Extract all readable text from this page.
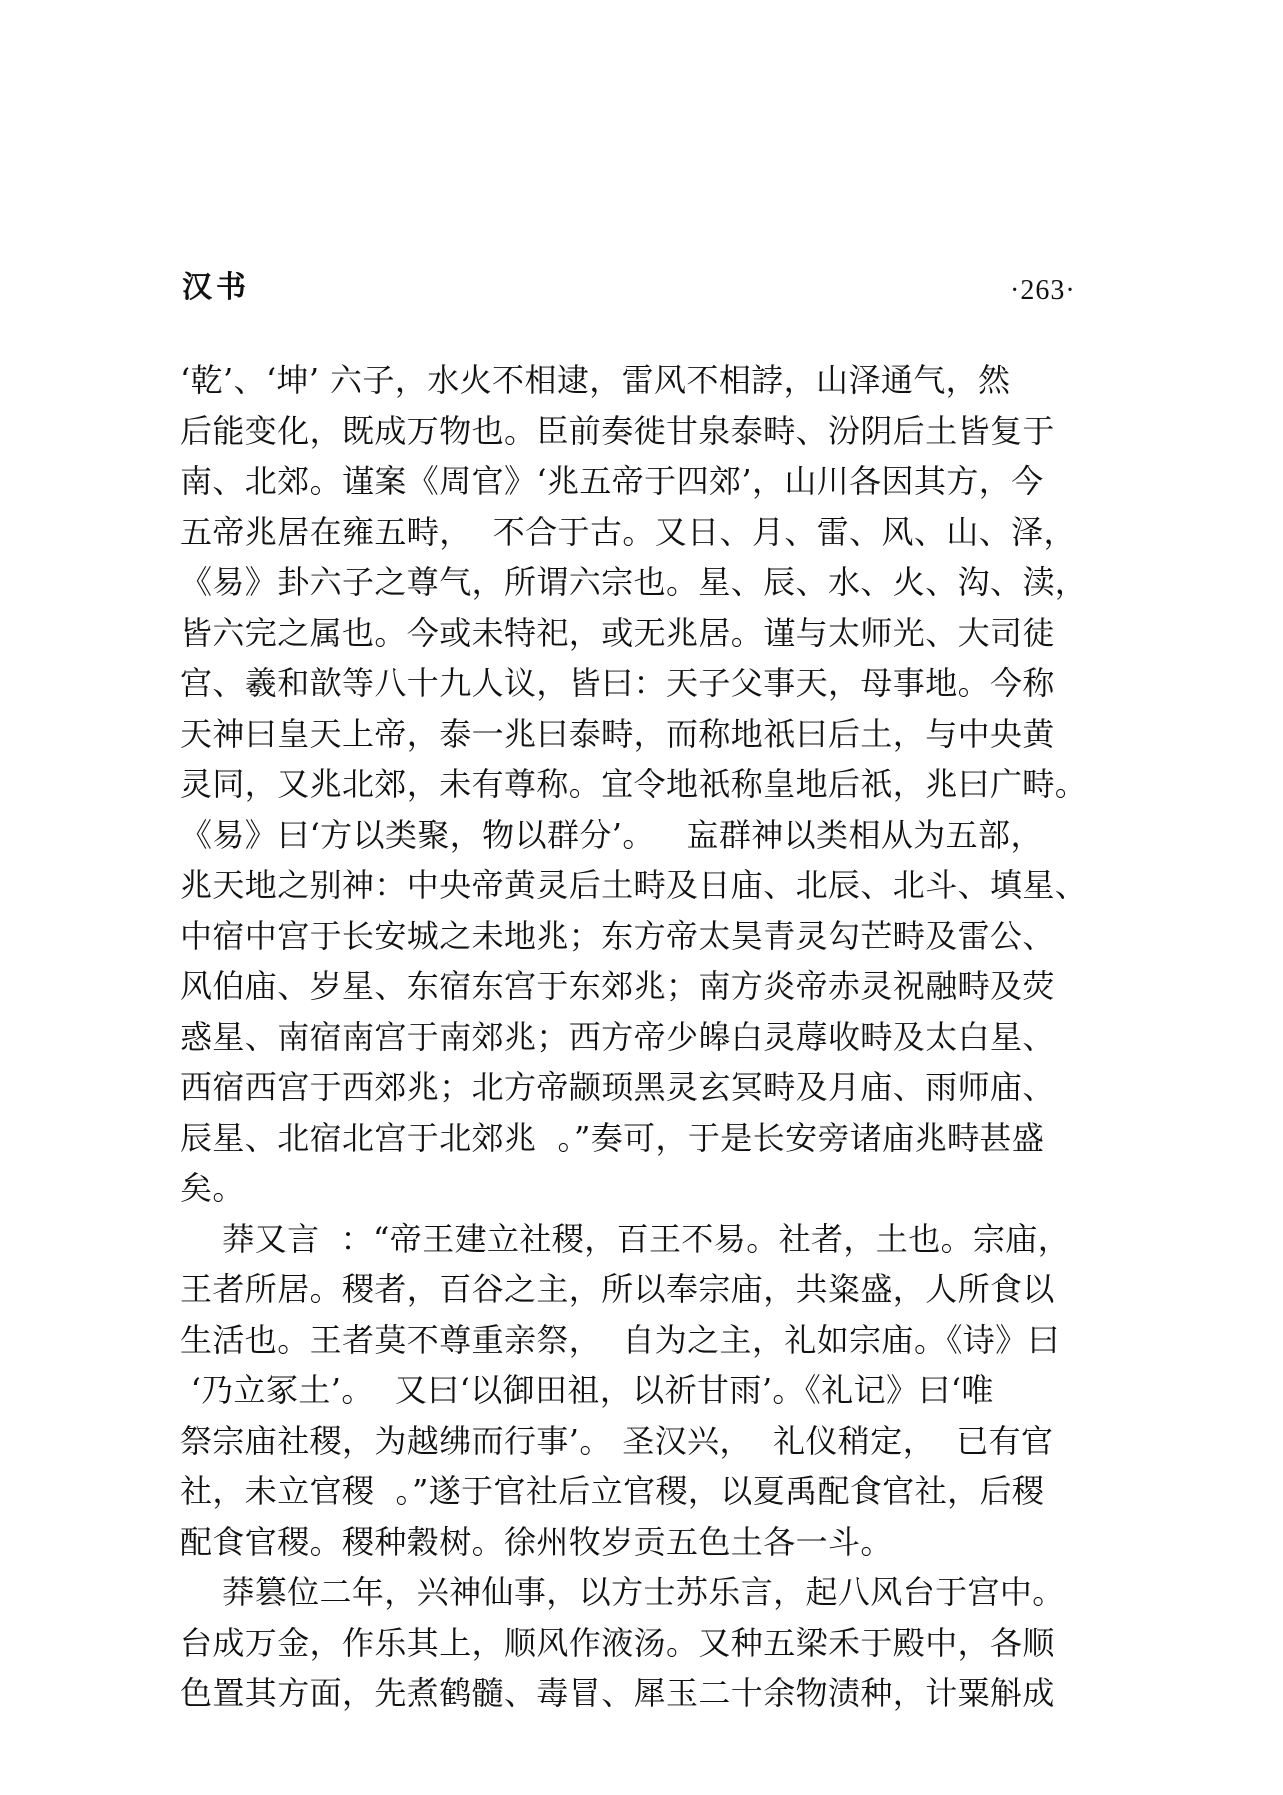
汉书	·263·
‘乾’、‘坤’ 六子，水火不相逮，雷风不相誖，山泽通气，然
后能变化，既成万物也。臣前奏徙甘泉泰畤、汾阴后土皆复于
南、北郊。谨案《周官》‘兆五帝于四郊’，山川各因其方，今
五帝兆居在雍五畤，  不合于古。又日、月、雷、风、山、泽，
《易》卦六子之尊气，所谓六宗也。星、辰、水、火、沟、渎，
皆六完之属也。今或未特祀，或无兆居。谨与太师光、大司徒
宫、羲和歆等八十九人议，皆曰：天子父事天，母事地。今称
天神曰皇天上帝，泰一兆曰泰畤，而称地祇曰后土，与中央黄
灵同，又兆北郊，未有尊称。宜令地祇称皇地后祇，兆曰广畤。
《易》曰‘方以类聚，物以群分’。   衁群神以类相从为五部，
兆天地之别神：中央帝黄灵后土畤及日庙、北辰、北斗、填星、
中宿中宫于长安城之未地兆；东方帝太昊青灵勾芒畤及雷公、
风伯庙、岁星、东宿东宫于东郊兆；南方炎帝赤灵祝融畤及荧
惑星、南宿南宫于南郊兆；西方帝少皞白灵蓐收畤及太白星、
西宿西宫于西郊兆；北方帝颛顼黑灵玄冥畤及月庙、雨师庙、
辰星、北宿北宫于北郊兆  。”奏可，于是长安旁诸庙兆畤甚盛
矣。
莽又言  ：“帝王建立社稷，百王不易。社者，土也。宗庙，
王者所居。稷者，百谷之主，所以奉宗庙，共粢盛，人所食以
生活也。王者莫不尊重亲祭，  自为之主，礼如宗庙。《诗》曰
‘乃立冢土’。  又曰‘以御田祖，以祈甘雨’。《礼记》曰‘唯
祭宗庙社稷，为越绋而行事’。 圣汉兴，  礼仪稍定，  已有官
社，未立官稷  。”遂于官社后立官稷，以夏禹配食官社，后稷
配食官稷。稷种穀树。徐州牧岁贡五色土各一斗。
莽篡位二年，兴神仙事，以方士苏乐言，起八风台于宫中。
台成万金，作乐其上，顺风作液汤。又种五梁禾于殿中，各顺
色置其方面，先煮鹤髓、毒冒、犀玉二十余物渍种，计粟斛成
